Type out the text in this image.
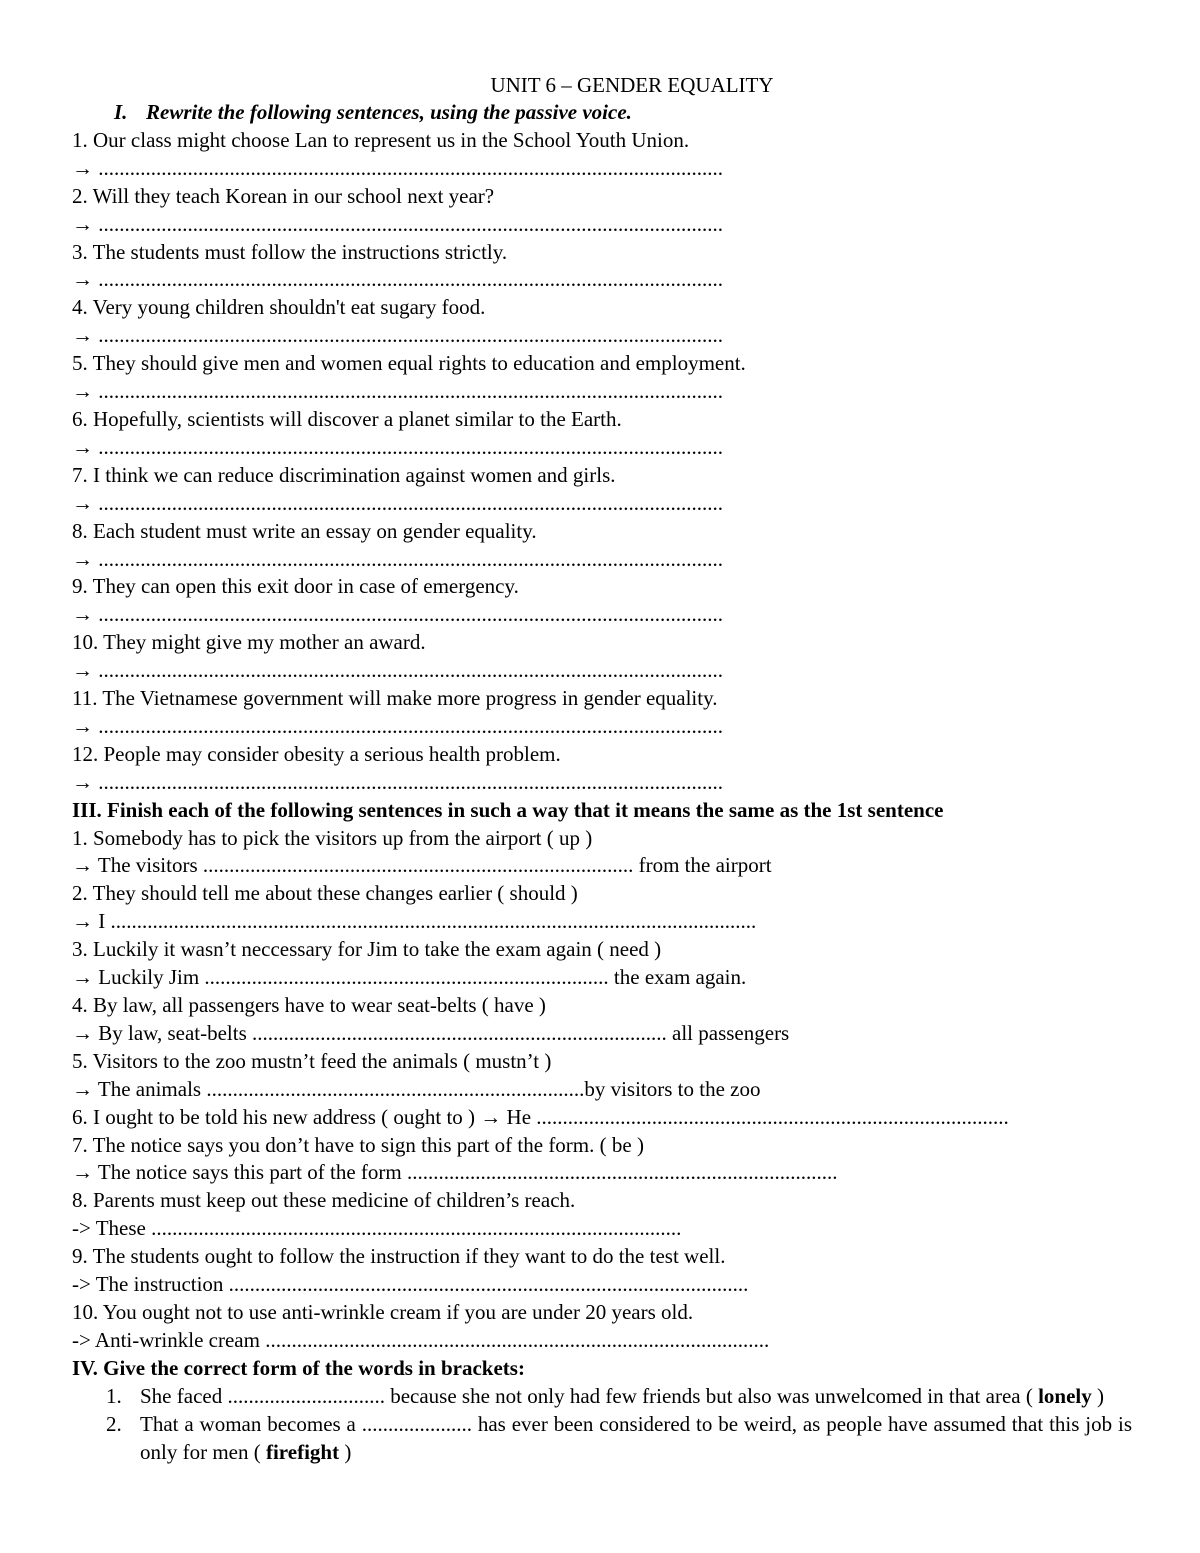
UNIT 6 – GENDER EQUALITY
I. Rewrite the following sentences, using the passive voice.
1. Our class might choose Lan to represent us in the School Youth Union.
→ .......................................................................................................................
2. Will they teach Korean in our school next year?
→ .......................................................................................................................
3. The students must follow the instructions strictly.
→ .......................................................................................................................
4. Very young children shouldn't eat sugary food.
→ .......................................................................................................................
5. They should give men and women equal rights to education and employment.
→ .......................................................................................................................
6. Hopefully, scientists will discover a planet similar to the Earth.
→ .......................................................................................................................
7. I think we can reduce discrimination against women and girls.
→ .......................................................................................................................
8. Each student must write an essay on gender equality.
→ .......................................................................................................................
9. They can open this exit door in case of emergency.
→ .......................................................................................................................
10. They might give my mother an award.
→ .......................................................................................................................
11. The Vietnamese government will make more progress in gender equality.
→ .......................................................................................................................
12. People may consider obesity a serious health problem.
→ .......................................................................................................................
III. Finish each of the following sentences in such a way that it means the same as the 1st sentence
1. Somebody has to pick the visitors up from the airport ( up )
→ The visitors .................................................................................. from the airport
2. They should tell me about these changes earlier ( should )
→ I ...........................................................................................................................
3. Luckily it wasn’t neccessary for Jim to take the exam again ( need )
→ Luckily Jim ............................................................................. the exam again.
4. By law, all passengers have to wear seat-belts ( have )
→ By law, seat-belts ............................................................................... all passengers
5. Visitors to the zoo mustn’t feed the animals ( mustn’t )
→ The animals ........................................................................by visitors to the zoo
6. I ought to be told his new address ( ought to ) → He ..........................................................................................
7. The notice says you don’t have to sign this part of the form. ( be )
→ The notice says this part of the form ..................................................................................
8. Parents must keep out these medicine of children’s reach.
-> These .....................................................................................................
9. The students ought to follow the instruction if they want to do the test well.
-> The instruction ...................................................................................................
10. You ought not to use anti-wrinkle cream if you are under 20 years old.
-> Anti-wrinkle cream ................................................................................................
IV. Give the correct form of the words in brackets:
1. She faced .............................. because she not only had few friends but also was unwelcomed in that area ( lonely )
2. That a woman becomes a ..................... has ever been considered to be weird, as people have assumed that this job is only for men ( firefight )
